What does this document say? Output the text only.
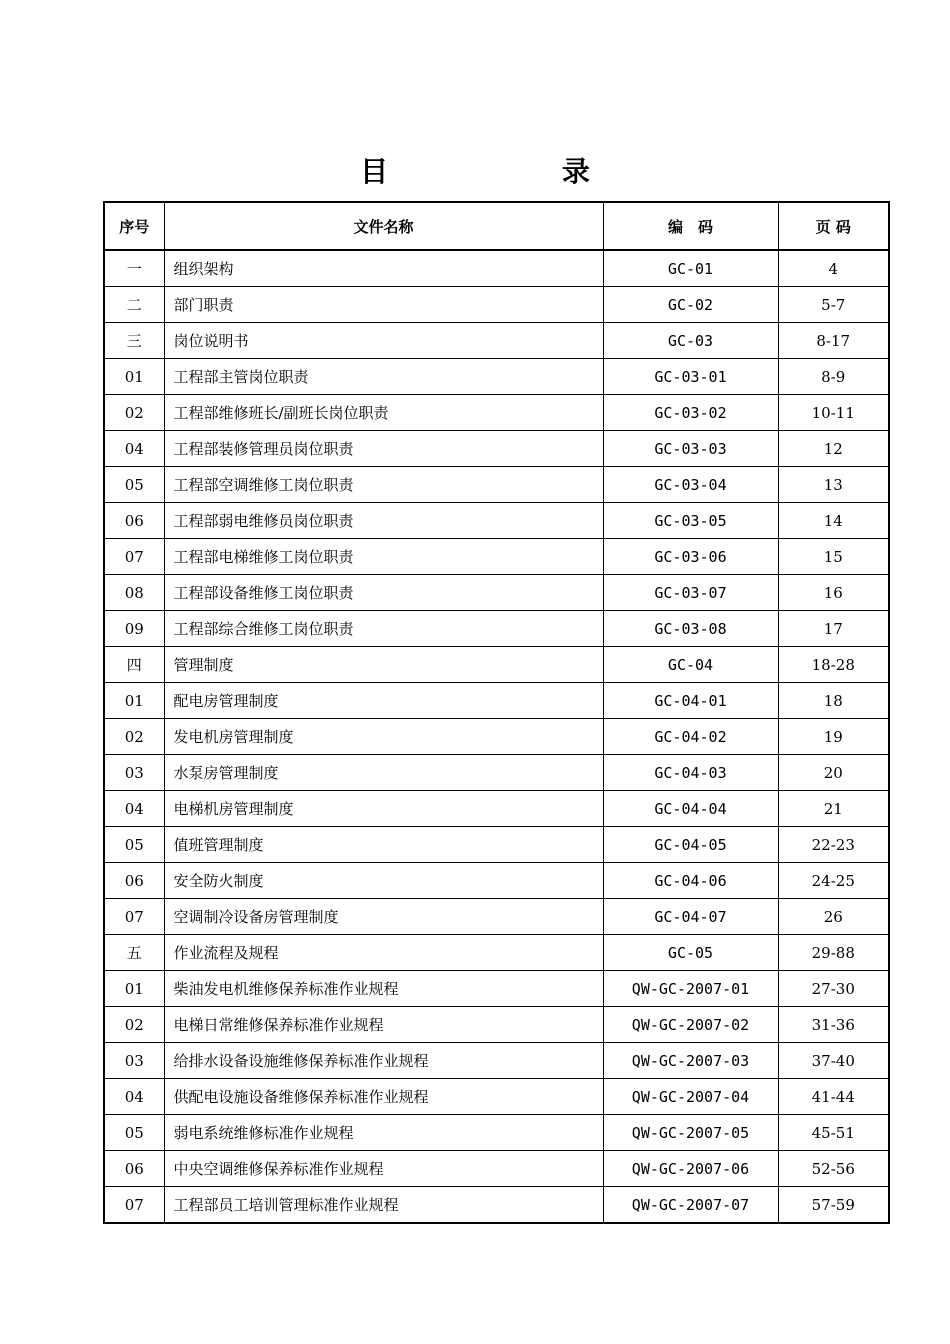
目 录
序号	文件名称	编　码	页 码
一	组织架构	GC-01	4
二	部门职责	GC-02	5-7
三	岗位说明书	GC-03	8-17
01	工程部主管岗位职责	GC-03-01	8-9
02	工程部维修班长/副班长岗位职责	GC-03-02	10-11
04	工程部装修管理员岗位职责	GC-03-03	12
05	工程部空调维修工岗位职责	GC-03-04	13
06	工程部弱电维修员岗位职责	GC-03-05	14
07	工程部电梯维修工岗位职责	GC-03-06	15
08	工程部设备维修工岗位职责	GC-03-07	16
09	工程部综合维修工岗位职责	GC-03-08	17
四	管理制度	GC-04	18-28
01	配电房管理制度	GC-04-01	18
02	发电机房管理制度	GC-04-02	19
03	水泵房管理制度	GC-04-03	20
04	电梯机房管理制度	GC-04-04	21
05	值班管理制度	GC-04-05	22-23
06	安全防火制度	GC-04-06	24-25
07	空调制冷设备房管理制度	GC-04-07	26
五	作业流程及规程	GC-05	29-88
01	柴油发电机维修保养标准作业规程	QW-GC-2007-01	27-30
02	电梯日常维修保养标准作业规程	QW-GC-2007-02	31-36
03	给排水设备设施维修保养标准作业规程	QW-GC-2007-03	37-40
04	供配电设施设备维修保养标准作业规程	QW-GC-2007-04	41-44
05	弱电系统维修标准作业规程	QW-GC-2007-05	45-51
06	中央空调维修保养标准作业规程	QW-GC-2007-06	52-56
07	工程部员工培训管理标准作业规程	QW-GC-2007-07	57-59
